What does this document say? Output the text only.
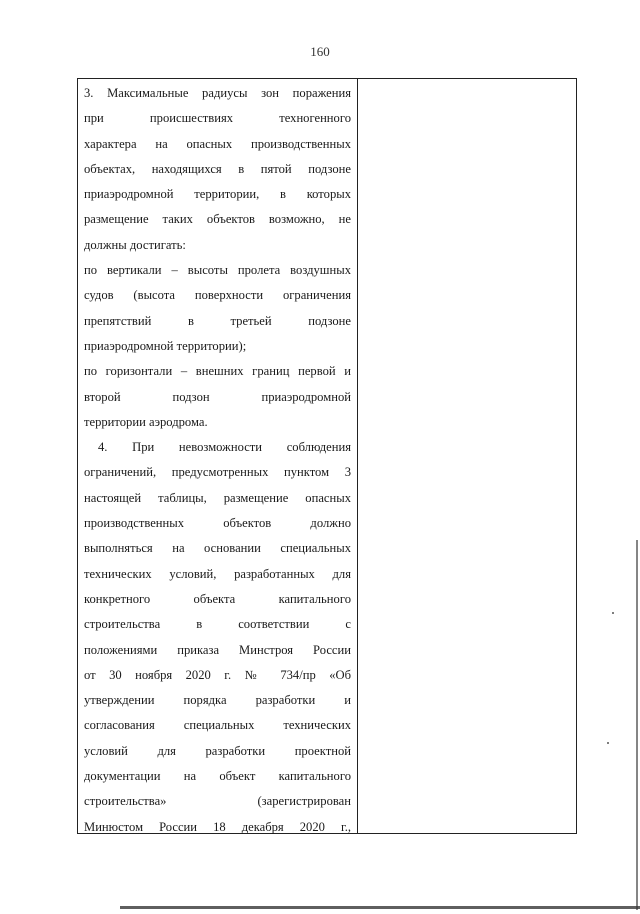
160
3. Максимальные радиусы зон поражения
при происшествиях техногенного
характера на опасных производственных
объектах, находящихся в пятой подзоне
приаэродромной территории, в которых
размещение таких объектов возможно, не
должны достигать:
по вертикали – высоты пролета воздушных
судов (высота поверхности ограничения
препятствий в третьей подзоне
приаэродромной территории);
по горизонтали – внешних границ первой и
второй подзон приаэродромной
территории аэродрома.
4. При невозможности соблюдения
ограничений, предусмотренных пунктом 3
настоящей таблицы, размещение опасных
производственных объектов должно
выполняться на основании специальных
технических условий, разработанных для
конкретного объекта капитального
строительства в соответствии с
положениями приказа Минстроя России
от 30 ноября 2020 г. № 734/пр «Об
утверждении порядка разработки и
согласования специальных технических
условий для разработки проектной
документации на объект капитального
строительства» (зарегистрирован
Минюстом России 18 декабря 2020 г.,
